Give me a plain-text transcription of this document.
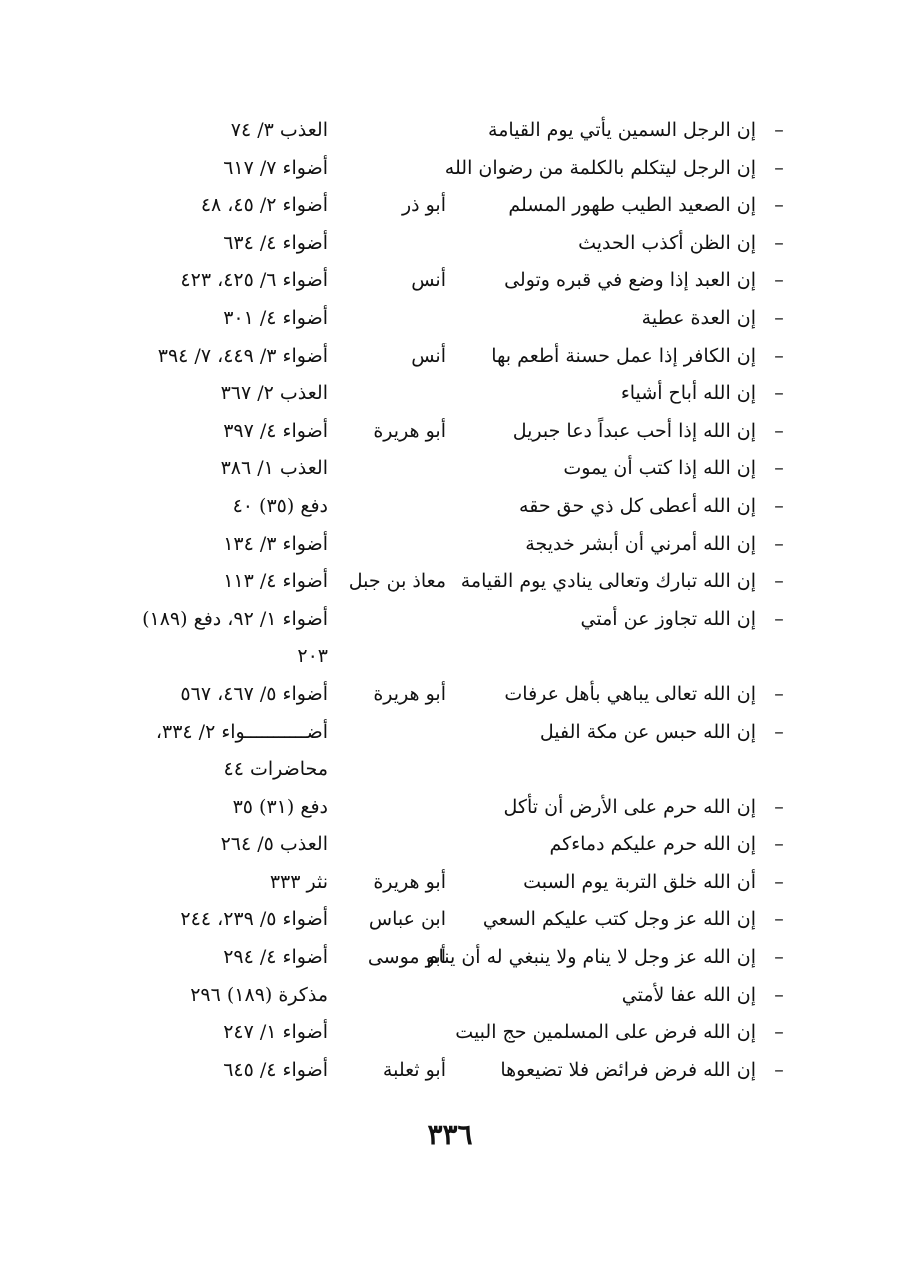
–
إن الرجل السمين يأتي يوم القيامة
العذب ٣/ ٧٤
–
إن الرجل ليتكلم بالكلمة من رضوان الله
أضواء ٧/ ٦١٧
–
إن الصعيد الطيب طهور المسلم
أبو ذر
أضواء ٢/ ٤٥، ٤٨
–
إن الظن أكذب الحديث
أضواء ٤/ ٦٣٤
–
إن العبد إذا وضع في قبره وتولى
أنس
أضواء ٦/ ٤٢٥، ٤٢٣
–
إن العدة عطية
أضواء ٤/ ٣٠١
–
إن الكافر إذا عمل حسنة أطعم بها
أنس
أضواء ٣/ ٤٤٩، ٧/ ٣٩٤
–
إن الله أباح أشياء
العذب ٢/ ٣٦٧
–
إن الله إذا أحب عبداً دعا جبريل
أبو هريرة
أضواء ٤/ ٣٩٧
–
إن الله إذا كتب أن يموت
العذب ١/ ٣٨٦
–
إن الله أعطى كل ذي حق حقه
دفع (٣٥) ٤٠
–
إن الله أمرني أن أبشر خديجة
أضواء ٣/ ١٣٤
–
إن الله تبارك وتعالى ينادي يوم القيامة
معاذ بن جبل
أضواء ٤/ ١١٣
–
إن الله تجاوز عن أمتي
أضواء ١/ ٩٢، دفع (١٨٩)
٢٠٣
–
إن الله تعالى يباهي بأهل عرفات
أبو هريرة
أضواء ٥/ ٤٦٧، ٥٦٧
–
إن الله حبس عن مكة الفيل
أضـــــــــــواء ٢/ ٣٣٤،
محاضرات ٤٤
–
إن الله حرم على الأرض أن تأكل
دفع (٣١) ٣٥
–
إن الله حرم عليكم دماءكم
العذب ٥/ ٢٦٤
–
أن الله خلق التربة يوم السبت
أبو هريرة
نثر ٣٣٣
–
إن الله عز وجل كتب عليكم السعي
ابن عباس
أضواء ٥/ ٢٣٩، ٢٤٤
–
إن الله عز وجل لا ينام ولا ينبغي له أن ينام
أبو موسى
أضواء ٤/ ٢٩٤
–
إن الله عفا لأمتي
مذكرة (١٨٩) ٢٩٦
–
إن الله فرض على المسلمين حج البيت
أضواء ١/ ٢٤٧
–
إن الله فرض فرائض فلا تضيعوها
أبو ثعلبة
أضواء ٤/ ٦٤٥
٣٣٦
